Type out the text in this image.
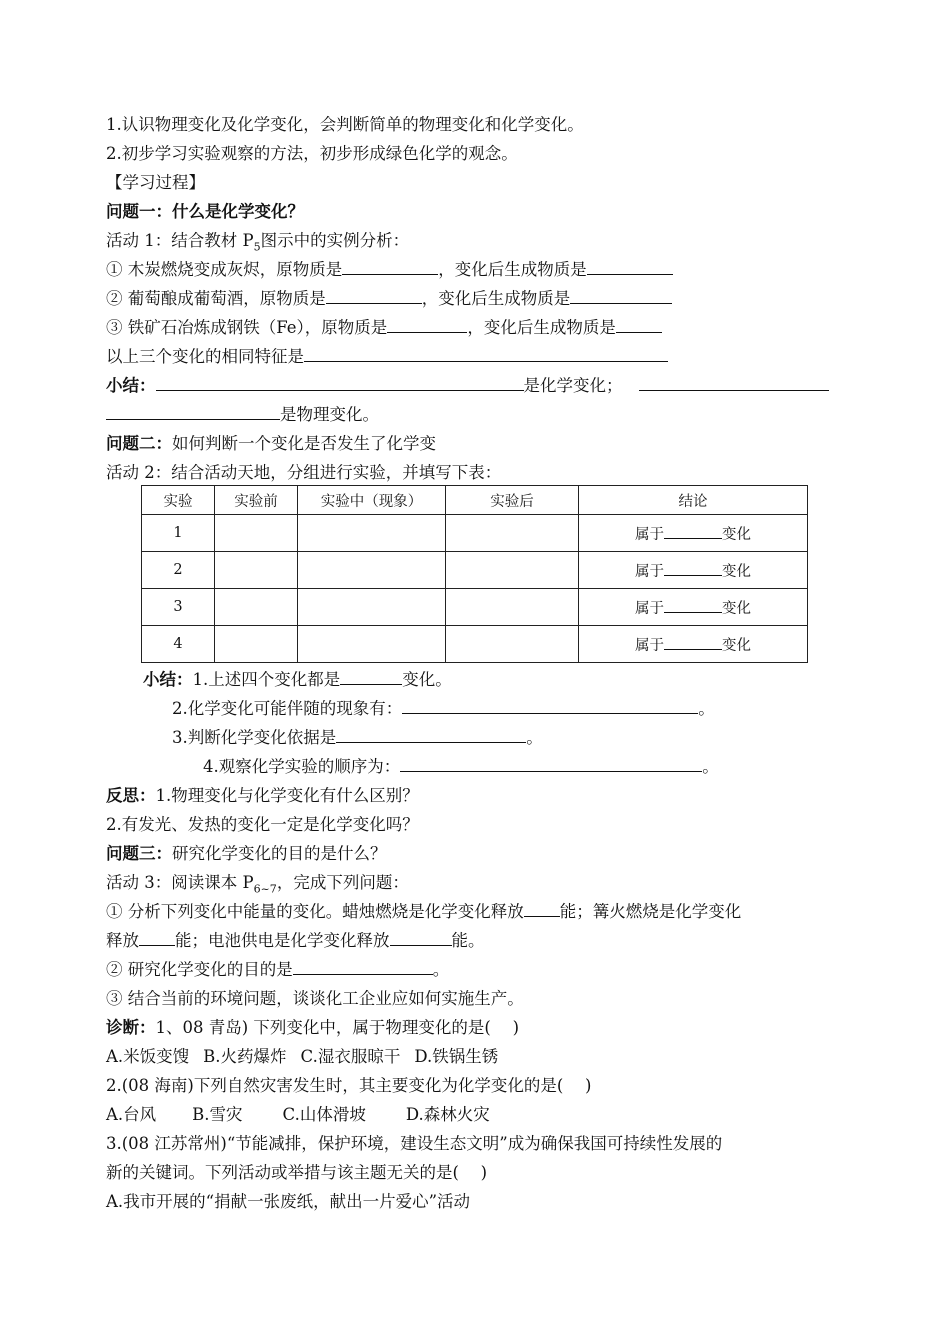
1.认识物理变化及化学变化，会判断简单的物理变化和化学变化。
2.初步学习实验观察的方法，初步形成绿色化学的观念。
【学习过程】
问题一：什么是化学变化？
活动 1：结合教材 $P_5$图示中的实例分析：
① 木炭燃烧变成灰烬，原物质是	，变化后生成物质是
② 葡萄酿成葡萄酒，原物质是	，变化后生成物质是
③ 铁矿石冶炼成钢铁（Fe），原物质是	，变化后生成物质是
以上三个变化的相同特征是
小结：	是化学变化；
是物理变化。
问题二：如何判断一个变化是否发生了化学变
活动 2：结合活动天地，分组进行实验，并填写下表：
实验	实验前	实验中（现象）	实验后	结论
1				属于 变化
2				属于 变化
3				属于 变化
4				属于 变化
小结：1.上述四个变化都是	变化。
2.化学变化可能伴随的现象有：	。
3.判断化学变化依据是	。
4.观察化学实验的顺序为：	。
反思：1.物理变化与化学变化有什么区别？
2.有发光、发热的变化一定是化学变化吗？
问题三：研究化学变化的目的是什么？
活动 3：阅读课本 $P_{6\sim 7}$，完成下列问题：
① 分析下列变化中能量的变化。蜡烛燃烧是化学变化释放 能；篝火燃烧是化学变化
释放 能；电池供电是化学变化释放	能。
② 研究化学变化的目的是	。
③ 结合当前的环境问题，谈谈化工企业应如何实施生产。
诊断：1、08 青岛) 下列变化中，属于物理变化的是(  )
A.米饭变馊 B.火药爆炸 C.湿衣服晾干 D.铁锅生锈
2.(08 海南)下列自然灾害发生时，其主要变化为化学变化的是(  )
A.台风 B.雪灾 C.山体滑坡 D.森林火灾
3.(08 江苏常州)“节能减排，保护环境，建设生态文明”成为确保我国可持续性发展的
新的关键词。下列活动或举措与该主题无关的是(  )
A.我市开展的“捐献一张废纸，献出一片爱心”活动
